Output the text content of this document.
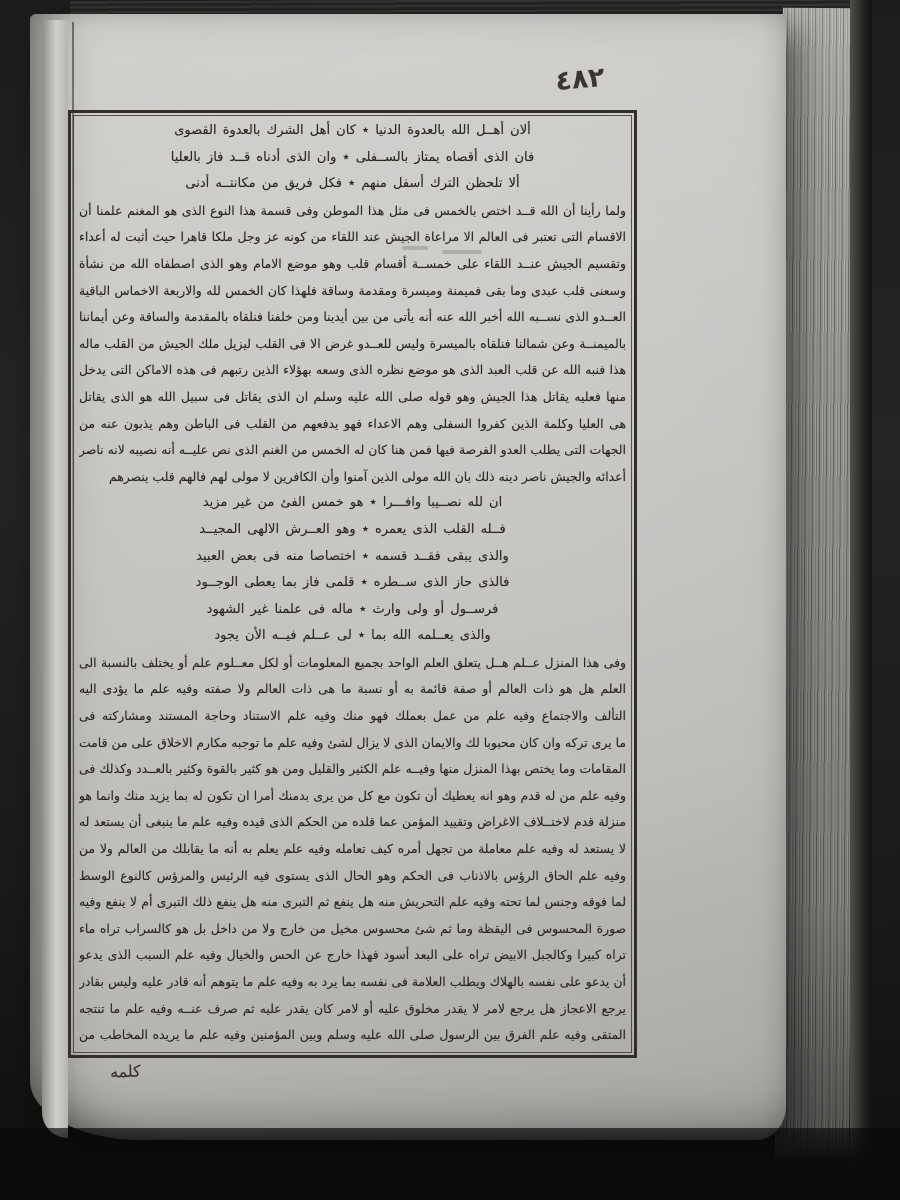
٤٨٢
ألان أهــل الله بالعدوة الدنيا ٭ كان أهل الشرك بالعدوة القصوى
فان الذى أقصاه يمتاز بالســفلى ٭ وان الذى أدناه قــد فاز بالعليا
ألا تلحظن الترك أسفل منهم ٭ فكل فريق من مكانتــه أدنى
ولما رأينا أن الله قــد اختص بالخمس فى مثل هذا الموطن وفى قسمة هذا النوع الذى هو المغنم علمنا أن
الاقسام التى تعتبر فى العالم الا مراعاة الجيش عند اللقاء من كونه عز وجل ملكا قاهرا حيث أثبت له أعداء
وتقسيم الجيش عنــد اللقاء على خمســة أقسام قلب وهو موضع الامام وهو الذى اصطفاه الله من نشأة
وسعنى قلب عبدى وما بقى فميمنة وميسرة ومقدمة وساقة فلهذا كان الخمس لله والاربعة الاخماس الباقية
العــدو الذى نســبه الله أخبر الله عنه أنه يأتى من بين أيدينا ومن خلفنا فنلقاه بالمقدمة والساقة وعن أيماننا
بالميمنــة وعن شمالنا فنلقاه بالميسرة وليس للعــدو غرض الا فى القلب ليزيل ملك الجيش من القلب ماله
هذا فنبه الله عن قلب العبد الذى هو موضع نظره الذى وسعه بهؤلاء الذين رتبهم فى هذه الاماكن التى يدخل
منها فعليه يقاتل هذا الجيش وهو قوله صلى الله عليه وسلم ان الذى يقاتل فى سبيل الله هو الذى يقاتل
هى العليا وكلمة الذين كفروا السفلى وهم الاعداء فهو يدفعهم من القلب فى الباطن وهم يذبون عنه من
الجهات التى يطلب العدو الفرصة فيها فمن هنا كان له الخمس من الغنم الذى نص عليــه أنه نصيبه لانه ناصر
أعدائه والجيش ناصر دينه ذلك بان الله مولى الذين آمنوا وأن الكافرين لا مولى لهم فالهم قلب ينصرهم
ان لله نصــيبا وافـــرا ٭ هو خمس الفئ من غير مزيد
فــله القلب الذى يعمره ٭ وهو العــرش الالهى المجيــد
والذى يبقى فقــد قسمه ٭ اختصاصا منه فى بعض العبيد
فالذى حاز الذى ســطره ٭ قلمى فاز بما يعطى الوجــود
فرســول أو ولى وارث ٭ ماله فى علمنا غير الشهود
والذى يعــلمه الله بما ٭ لى عــلم فيــه الأن يجود
وفى هذا المنزل عــلم هــل يتعلق العلم الواحد بجميع المعلومات أو لكل معــلوم علم أو يختلف بالنسبة الى
العلم هل هو ذات العالم أو صفة قائمة به أو نسبة ما هى ذات العالم ولا صفته وفيه علم ما يؤدى اليه
التألف والاجتماع وفيه علم من عمل بعملك فهو منك وفيه علم الاستناد وحاجة المستند ومشاركته فى
ما يرى تركه وان كان محبوبا لك والايمان الذى لا يزال لشئ وفيه علم ما توجبه مكارم الاخلاق على من قامت
المقامات وما يختص بهذا المنزل منها وفيــه علم الكثير والقليل ومن هو كثير بالقوة وكثير بالعــدد وكذلك فى
وفيه علم من له قدم وهو انه يعطيك أن تكون مع كل من يرى بدمنك أمرا ان تكون له بما يزيد منك وانما هو
منزلة قدم لاختــلاف الاغراض وتقييد المؤمن عما قلده من الحكم الذى قيده وفيه علم ما ينبغى أن يستعد له
لا يستعد له وفيه علم معاملة من تجهل أمره كيف تعامله وفيه علم يعلم به أنه ما يقابلك من العالم ولا من
وفيه علم الحاق الرؤس بالاذناب فى الحكم وهو الحال الذى يستوى فيه الرئيس والمرؤس كالنوع الوسط
لما فوقه وجنس لما تحته وفيه علم التحريش منه هل ينفع ثم التبرى منه هل ينفع ذلك التبرى أم لا ينفع وفيه
صورة المحسوس فى اليقظة وما ثم شئ محسوس مخيل من خارج ولا من داخل بل هو كالسراب تراه ماء
تراه كبيرا وكالجبل الابيض تراه على البعد أسود فهذا خارج عن الحس والخيال وفيه علم السبب الذى يدعو
أن يدعو على نفسه بالهلاك ويطلب العلامة فى نفسه بما يرد به وفيه علم ما يتوهم أنه قادر عليه وليس بقادر
يرجع الاعجاز هل يرجع لامر لا يقدر مخلوق عليه أو لامر كان يقدر عليه ثم صرف عنــه وفيه علم ما تنتجه
المتقى وفيه علم الفرق بين الرسول صلى الله عليه وسلم وبين المؤمنين وفيه علم ما يريده المخاطب من
كلمه
